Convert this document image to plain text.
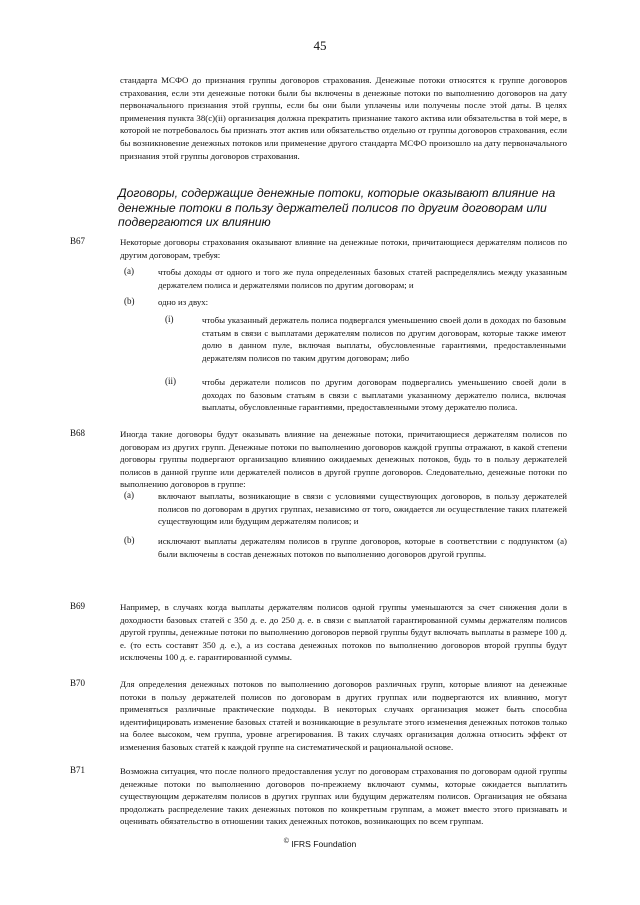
45
стандарта МСФО до признания группы договоров страхования. Денежные потоки относятся к группе договоров страхования, если эти денежные потоки были бы включены в денежные потоки по выполнению договоров на дату первоначального признания этой группы, если бы они были уплачены или получены после этой даты. В целях применения пункта 38(с)(ii) организация должна прекратить признание такого актива или обязательства в той мере, в которой не потребовалось бы признать этот актив или обязательство отдельно от группы договоров страхования, если бы возникновение денежных потоков или применение другого стандарта МСФО произошло на дату первоначального признания этой группы договоров страхования.
Договоры, содержащие денежные потоки, которые оказывают влияние на денежные потоки в пользу держателей полисов по другим договорам или подвергаются их влиянию
B67	Некоторые договоры страхования оказывают влияние на денежные потоки, причитающиеся держателям полисов по другим договорам, требуя:
(a)	чтобы доходы от одного и того же пула определенных базовых статей распределялись между указанным держателем полиса и держателями полисов по другим договорам; и
(b)	одно из двух:
(i)	чтобы указанный держатель полиса подвергался уменьшению своей доли в доходах по базовым статьям в связи с выплатами держателям полисов по другим договорам, которые также имеют долю в данном пуле, включая выплаты, обусловленные гарантиями, предоставленными держателям полисов по таким другим договорам; либо
(ii)	чтобы держатели полисов по другим договорам подвергались уменьшению своей доли в доходах по базовым статьям в связи с выплатами указанному держателю полиса, включая выплаты, обусловленные гарантиями, предоставленными этому держателю полиса.
B68	Иногда такие договоры будут оказывать влияние на денежные потоки, причитающиеся держателям полисов по договорам из других групп. Денежные потоки по выполнению договоров каждой группы отражают, в какой степени договоры группы подвергают организацию влиянию ожидаемых денежных потоков, будь то в пользу держателей полисов в данной группе или держателей полисов в другой группе договоров. Следовательно, денежные потоки по выполнению договоров в группе:
(a)	включают выплаты, возникающие в связи с условиями существующих договоров, в пользу держателей полисов по договорам в других группах, независимо от того, ожидается ли осуществление таких платежей существующим или будущим держателям полисов; и
(b)	исключают выплаты держателям полисов в группе договоров, которые в соответствии с подпунктом (a) были включены в состав денежных потоков по выполнению договоров другой группы.
B69	Например, в случаях когда выплаты держателям полисов одной группы уменьшаются за счет снижения доли в доходности базовых статей с 350 д. е. до 250 д. е. в связи с выплатой гарантированной суммы держателям полисов другой группы, денежные потоки по выполнению договоров первой группы будут включать выплаты в размере 100 д. е. (то есть составят 350 д. е.), а из состава денежных потоков по выполнению договоров второй группы будут исключены 100 д. е. гарантированной суммы.
B70	Для определения денежных потоков по выполнению договоров различных групп, которые влияют на денежные потоки в пользу держателей полисов по договорам в других группах или подвергаются их влиянию, могут применяться различные практические подходы. В некоторых случаях организация может быть способна идентифицировать изменение базовых статей и возникающие в результате этого изменения денежных потоков только на более высоком, чем группа, уровне агрегирования. В таких случаях организация должна относить эффект от изменения базовых статей к каждой группе на систематической и рациональной основе.
B71	Возможна ситуация, что после полного предоставления услуг по договорам страхования по договорам одной группы денежные потоки по выполнению договоров по-прежнему включают суммы, которые ожидается выплатить существующим держателям полисов в других группах или будущим держателям полисов. Организация не обязана продолжать распределение таких денежных потоков по конкретным группам, а может вместо этого признавать и оценивать обязательство в отношении таких денежных потоков, возникающих по всем группам.
© IFRS Foundation
